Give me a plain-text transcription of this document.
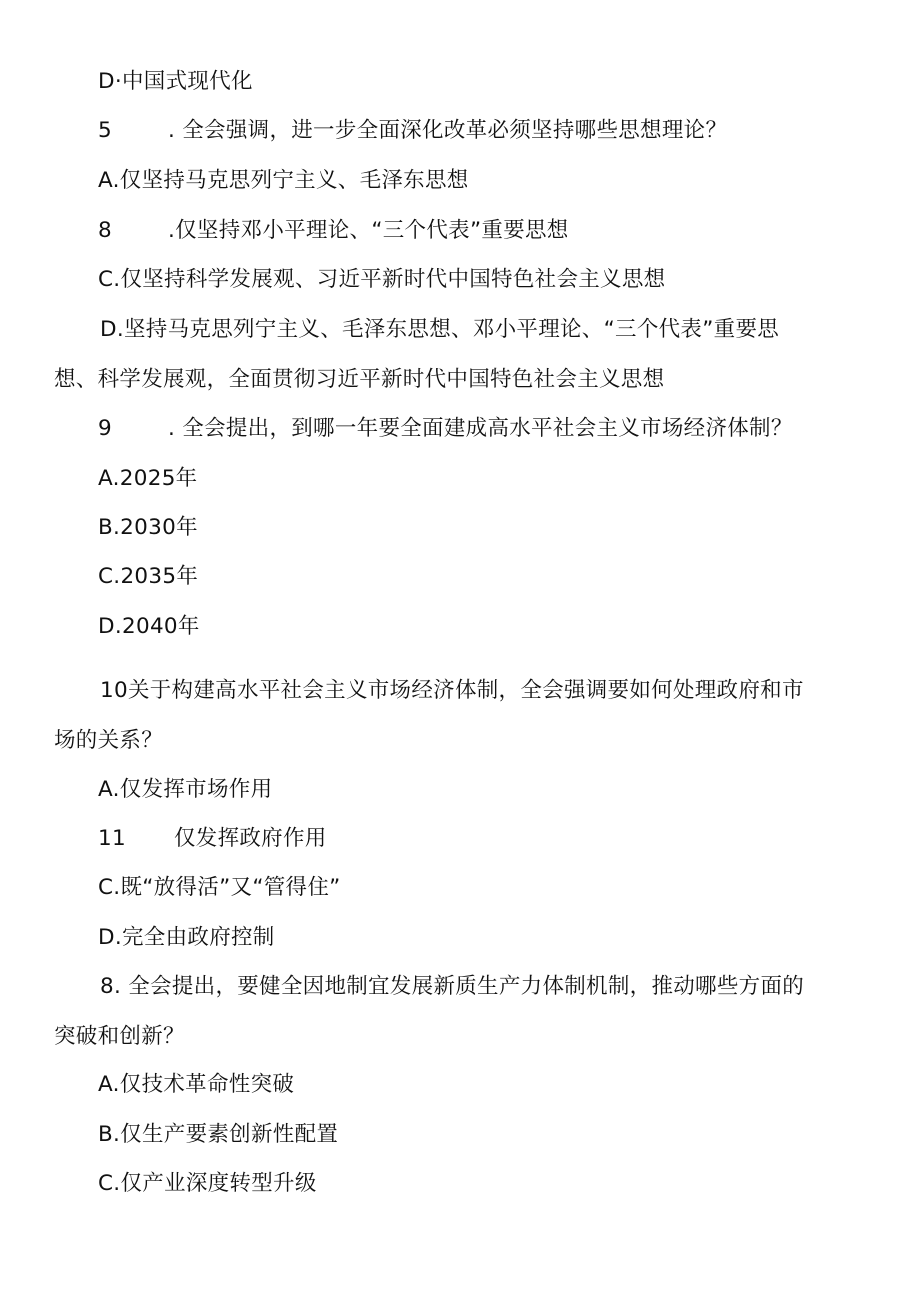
D·中国式现代化
5	. 全会强调，进一步全面深化改革必须坚持哪些思想理论？
A.仅坚持马克思列宁主义、毛泽东思想
8	.仅坚持邓小平理论、“三个代表”重要思想
C.仅坚持科学发展观、习近平新时代中国特色社会主义思想
D.坚持马克思列宁主义、毛泽东思想、邓小平理论、“三个代表”重要思
想、科学发展观，全面贯彻习近平新时代中国特色社会主义思想
9	. 全会提出，到哪一年要全面建成高水平社会主义市场经济体制？
A.2025年
B.2030年
C.2035年
D.2040年
10关于构建高水平社会主义市场经济体制，全会强调要如何处理政府和市
场的关系？
A.仅发挥市场作用
11 仅发挥政府作用
C.既“放得活”又“管得住”
D.完全由政府控制
8. 全会提出，要健全因地制宜发展新质生产力体制机制，推动哪些方面的
突破和创新？
A.仅技术革命性突破
B.仅生产要素创新性配置
C.仅产业深度转型升级
